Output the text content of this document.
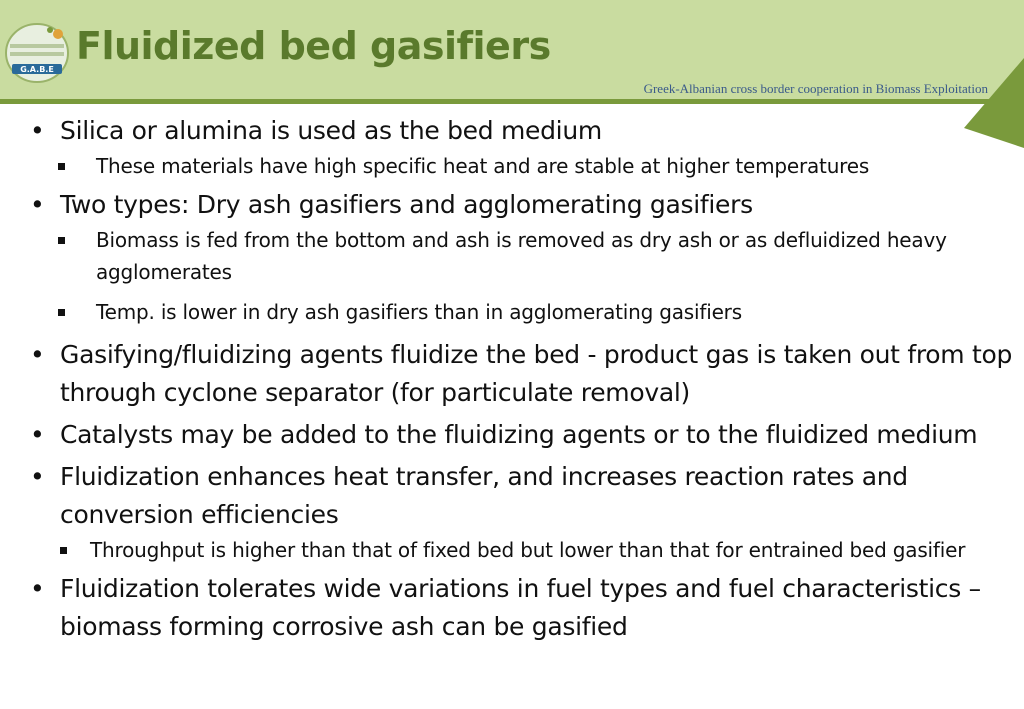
G.A.B.E
Fluidized bed gasifiers
Greek-Albanian cross border cooperation in Biomass Exploitation
• Silica or alumina is used as the bed medium
These materials have high specific heat and are stable at higher temperatures
• Two types: Dry ash gasifiers and agglomerating gasifiers
Biomass is fed from the bottom and ash is removed as dry ash or as defluidized heavy agglomerates
Temp. is lower in dry ash gasifiers than in agglomerating gasifiers
• Gasifying/fluidizing agents fluidize the bed - product gas is taken out from top through cyclone separator (for particulate removal)
• Catalysts may be added to the fluidizing agents or to the fluidized medium
• Fluidization enhances heat transfer, and increases reaction rates and conversion efficiencies
Throughput is higher than that of fixed bed but lower than that for entrained bed gasifier
• Fluidization tolerates wide variations in fuel types and fuel characteristics – biomass forming corrosive ash can be gasified
